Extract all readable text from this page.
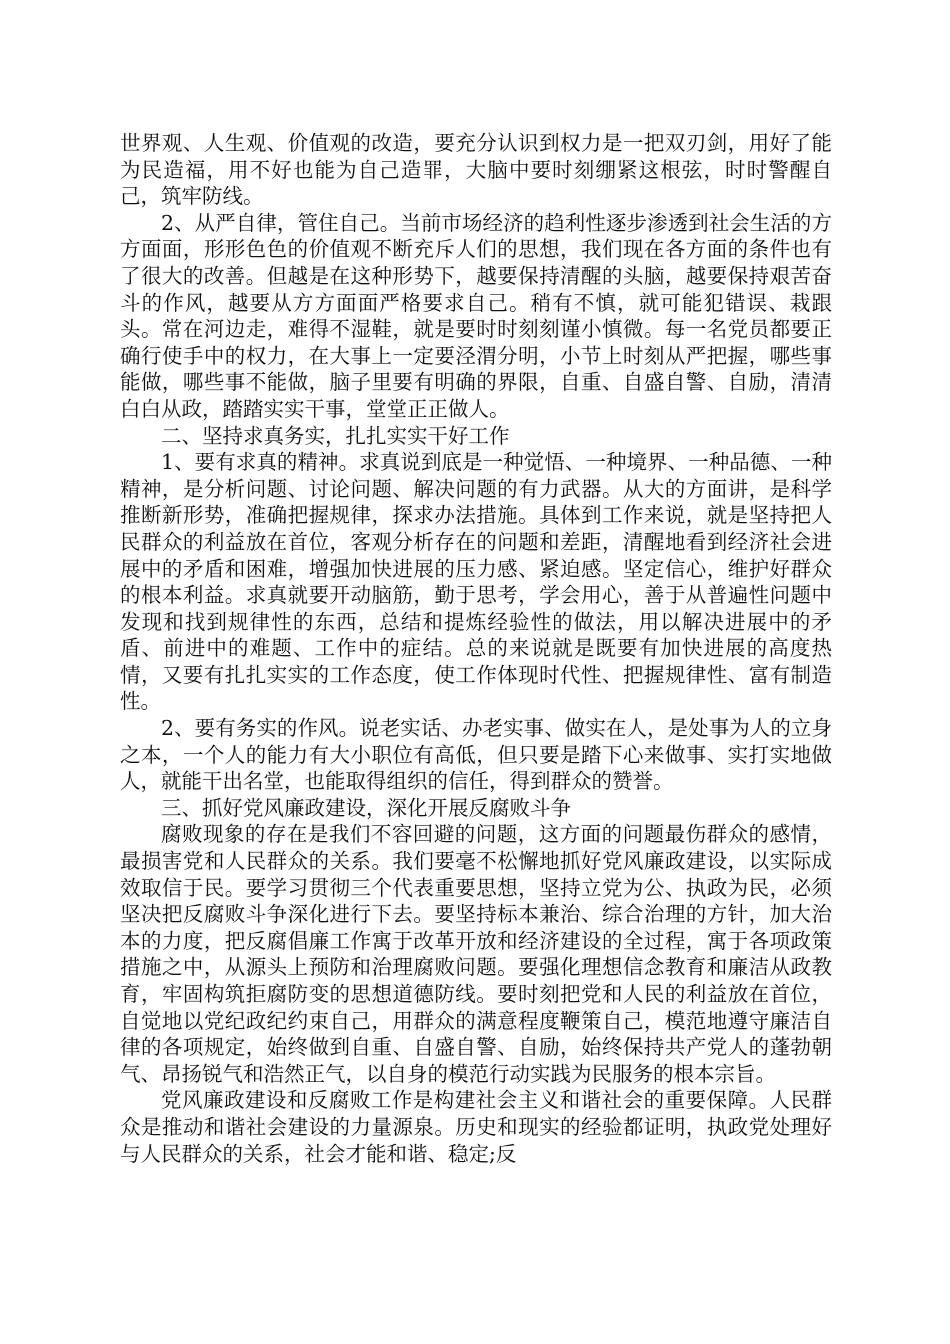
世界观、人生观、价值观的改造，要充分认识到权力是一把双刃剑，用好了能为民造福，用不好也能为自己造罪，大脑中要时刻绷紧这根弦，时时警醒自己，筑牢防线。

2、从严自律，管住自己。当前市场经济的趋利性逐步渗透到社会生活的方方面面，形形色色的价值观不断充斥人们的思想，我们现在各方面的条件也有了很大的改善。但越是在这种形势下，越要保持清醒的头脑，越要保持艰苦奋斗的作风，越要从方方面面严格要求自己。稍有不慎，就可能犯错误、栽跟头。常在河边走，难得不湿鞋，就是要时时刻刻谨小慎微。每一名党员都要正确行使手中的权力，在大事上一定要泾渭分明，小节上时刻从严把握，哪些事能做，哪些事不能做，脑子里要有明确的界限，自重、自盛自警、自励，清清白白从政，踏踏实实干事，堂堂正正做人。

二、坚持求真务实，扎扎实实干好工作

1、要有求真的精神。求真说到底是一种觉悟、一种境界、一种品德、一种精神，是分析问题、讨论问题、解决问题的有力武器。从大的方面讲，是科学推断新形势，准确把握规律，探求办法措施。具体到工作来说，就是坚持把人民群众的利益放在首位，客观分析存在的问题和差距，清醒地看到经济社会进展中的矛盾和困难，增强加快进展的压力感、紧迫感。坚定信心，维护好群众的根本利益。求真就要开动脑筋，勤于思考，学会用心，善于从普遍性问题中发现和找到规律性的东西，总结和提炼经验性的做法，用以解决进展中的矛盾、前进中的难题、工作中的症结。总的来说就是既要有加快进展的高度热情，又要有扎扎实实的工作态度，使工作体现时代性、把握规律性、富有制造性。

2、要有务实的作风。说老实话、办老实事、做实在人，是处事为人的立身之本，一个人的能力有大小职位有高低，但只要是踏下心来做事、实打实地做人，就能干出名堂，也能取得组织的信任，得到群众的赞誉。

三、抓好党风廉政建设，深化开展反腐败斗争

腐败现象的存在是我们不容回避的问题，这方面的问题最伤群众的感情，最损害党和人民群众的关系。我们要毫不松懈地抓好党风廉政建设，以实际成效取信于民。要学习贯彻三个代表重要思想，坚持立党为公、执政为民，必须坚决把反腐败斗争深化进行下去。要坚持标本兼治、综合治理的方针，加大治本的力度，把反腐倡廉工作寓于改革开放和经济建设的全过程，寓于各项政策措施之中，从源头上预防和治理腐败问题。要强化理想信念教育和廉洁从政教育，牢固构筑拒腐防变的思想道德防线。要时刻把党和人民的利益放在首位，自觉地以党纪政纪约束自己，用群众的满意程度鞭策自己，模范地遵守廉洁自律的各项规定，始终做到自重、自盛自警、自励，始终保持共产党人的蓬勃朝气、昂扬锐气和浩然正气，以自身的模范行动实践为民服务的根本宗旨。

党风廉政建设和反腐败工作是构建社会主义和谐社会的重要保障。人民群众是推动和谐社会建设的力量源泉。历史和现实的经验都证明，执政党处理好与人民群众的关系，社会才能和谐、稳定;反
